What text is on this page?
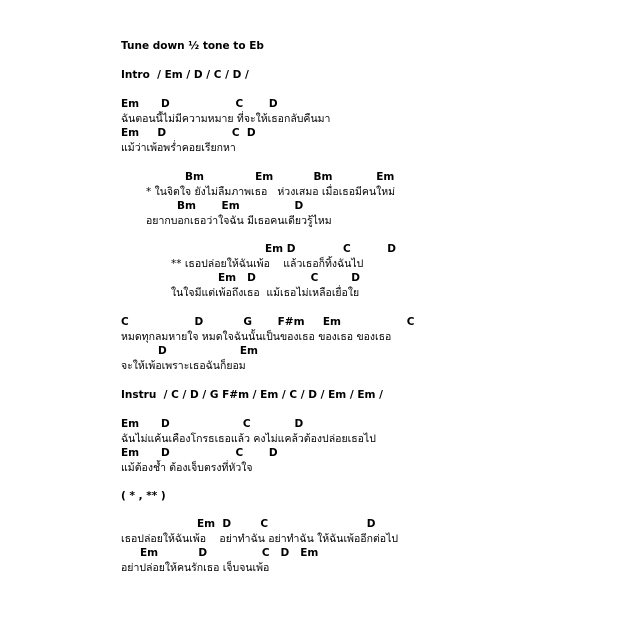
Tune down ½ tone to Eb
Intro  / Em / D / C / D /
Em      D                  C       D
ฉันตอนนี้ไม่มีความหมาย ที่จะให้เธอกลับคืนมา
Em     D                  C  D
แม้ว่าเพ้อพร่ำคอยเรียกหา
Bm              Em           Bm            Em
* ในจิตใจ ยังไม่ลืมภาพเธอ   ห่วงเสมอ เมื่อเธอมีคนใหม่
Bm       Em               D
อยากบอกเธอว่าใจฉัน มีเธอคนเดียวรู้ไหม
Em D             C          D
** เธอปล่อยให้ฉันเพ้อ    แล้วเธอก็ทิ้งฉันไป
Em   D               C         D
ในใจมีแต่เพ้อถึงเธอ  แม้เธอไม่เหลือเยื่อใย
C                  D           G       F#m     Em                  C
หมดทุกลมหายใจ หมดใจฉันนั้นเป็นของเธอ ของเธอ ของเธอ
D                    Em
จะให้เพ้อเพราะเธอฉันก็ยอม
Instru  / C / D / G F#m / Em / C / D / Em / Em /
Em      D                    C            D
ฉันไม่แค้นเคืองโกรธเธอแล้ว คงไม่แคล้วต้องปล่อยเธอไป
Em      D                  C       D
แม้ต้องช้ำ ต้องเจ็บตรงที่หัวใจ
( * , ** )
Em  D        C                           D
เธอปล่อยให้ฉันเพ้อ    อย่าทำฉัน อย่าทำฉัน ให้ฉันเพ้ออีกต่อไป
Em           D               C   D   Em
อย่าปล่อยให้คนรักเธอ เจ็บจนเพ้อ
